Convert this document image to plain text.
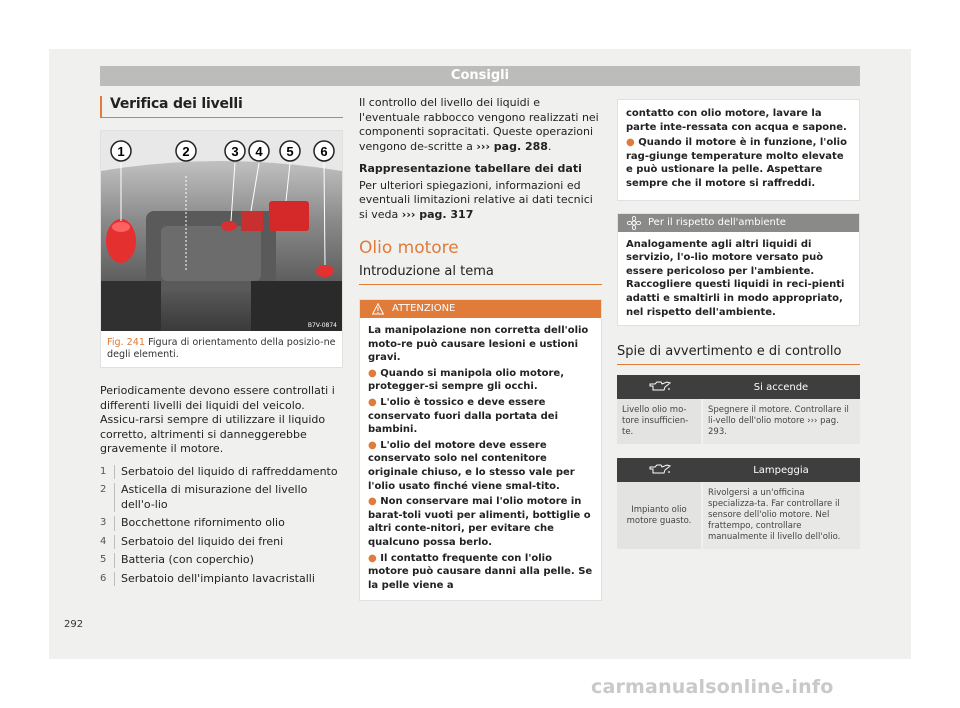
Consigli
Verifica dei livelli
1	2	3 4 5 6
B7V-0874
Fig. 241 Figura di orientamento della posizio-ne degli elementi.

Periodicamente devono essere controllati i differenti livelli dei liquidi del veicolo. Assicu-rarsi sempre di utilizzare il liquido corretto, altrimenti si danneggerebbe gravemente il motore.

1	Serbatoio del liquido di raffreddamento
2	Asticella di misurazione del livello dell'o-lio
3	Bocchettone rifornimento olio
4	Serbatoio del liquido dei freni
5	Batteria (con coperchio)
6	Serbatoio dell'impianto lavacristalli

Il controllo del livello dei liquidi e l'eventuale rabbocco vengono realizzati nei componenti sopracitati. Queste operazioni vengono de-scritte a ››› pag. 288.

Rappresentazione tabellare dei dati

Per ulteriori spiegazioni, informazioni ed eventuali limitazioni relative ai dati tecnici si veda ››› pag. 317

Olio motore
Introduzione al tema
ATTENZIONE

La manipolazione non corretta dell'olio moto-re può causare lesioni e ustioni gravi.

● Quando si manipola olio motore, protegger-si sempre gli occhi.

● L'olio è tossico e deve essere conservato fuori dalla portata dei bambini.

● L'olio del motore deve essere conservato solo nel contenitore originale chiuso, e lo stesso vale per l'olio usato finché viene smal-tito.

● Non conservare mai l'olio motore in barat-toli vuoti per alimenti, bottiglie o altri conte-nitori, per evitare che qualcuno possa berlo.

● Il contatto frequente con l'olio motore può causare danni alla pelle. Se la pelle viene a

contatto con olio motore, lavare la parte inte-ressata con acqua e sapone.

● Quando il motore è in funzione, l'olio rag-giunge temperature molto elevate e può ustionare la pelle. Aspettare sempre che il motore si raffreddi.

Per il rispetto dell'ambiente
Analogamente agli altri liquidi di servizio, l'o-lio motore versato può essere pericoloso per l'ambiente. Raccogliere questi liquidi in reci-pienti adatti e smaltirli in modo appropriato, nel rispetto dell'ambiente.
Spie di avvertimento e di controllo
	Si accende
Livello olio mo-tore insufficien-te.	Spegnere il motore. Controllare il li-vello dell'olio motore ››› pag. 293.
	Lampeggia
Impianto olio motore guasto.	Rivolgersi a un'officina specializza-ta. Far controllare il sensore dell'olio motore. Nel frattempo, controllare manualmente il livello dell'olio.
292
carmanualsonline.info
